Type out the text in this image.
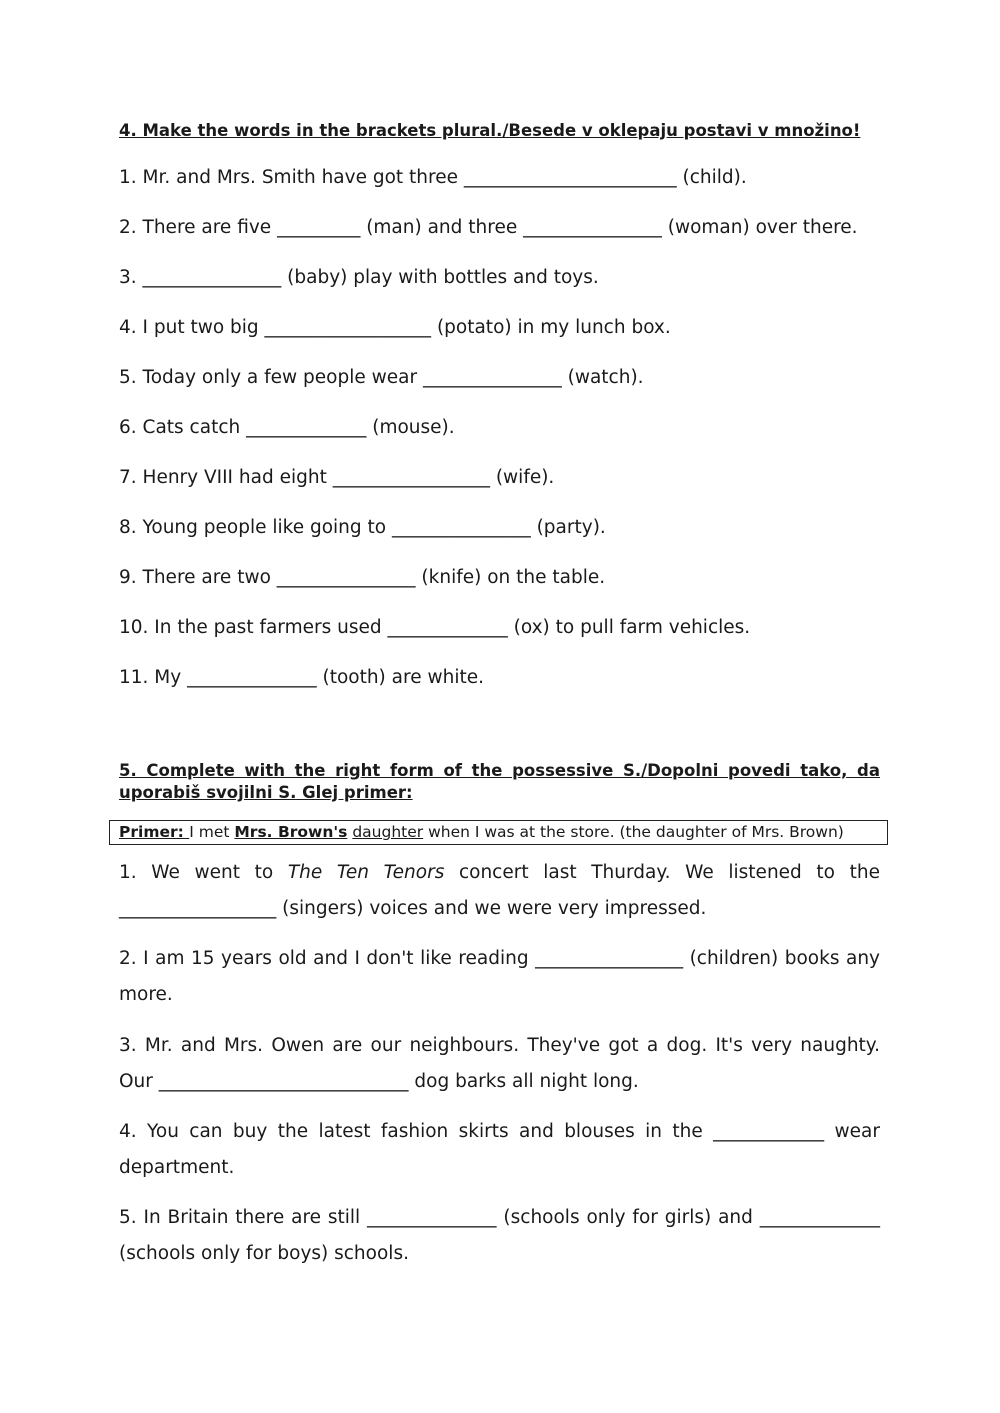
4. Make the words in the brackets plural./Besede v oklepaju postavi v množino!

1. Mr. and Mrs. Smith have got three _______________________ (child).

2. There are five _________ (man) and three _______________ (woman) over there.

3. _______________ (baby) play with bottles and toys.

4. I put two big __________________ (potato) in my lunch box.

5. Today only a few people wear _______________ (watch).

6. Cats catch _____________ (mouse).

7. Henry VIII had eight _________________ (wife).

8. Young people like going to _______________ (party).

9. There are two _______________ (knife) on the table.

10. In the past farmers used _____________ (ox) to pull farm vehicles.

11. My ______________ (tooth) are white.

5. Complete with the right form of the possessive S./Dopolni povedi tako, da uporabiš svojilni S. Glej primer:

Primer: I met Mrs. Brown's daughter when I was at the store. (the daughter of Mrs. Brown)

1. We went to The Ten Tenors concert last Thurday. We listened to the _________________ (singers) voices and we were very impressed.

2. I am 15 years old and I don't like reading ________________ (children) books any more.

3. Mr. and Mrs. Owen are our neighbours. They've got a dog. It's very naughty. Our ___________________________ dog barks all night long.

4. You can buy the latest fashion skirts and blouses in the ____________ wear department.

5. In Britain there are still ______________ (schools only for girls) and _____________ (schools only for boys) schools.
